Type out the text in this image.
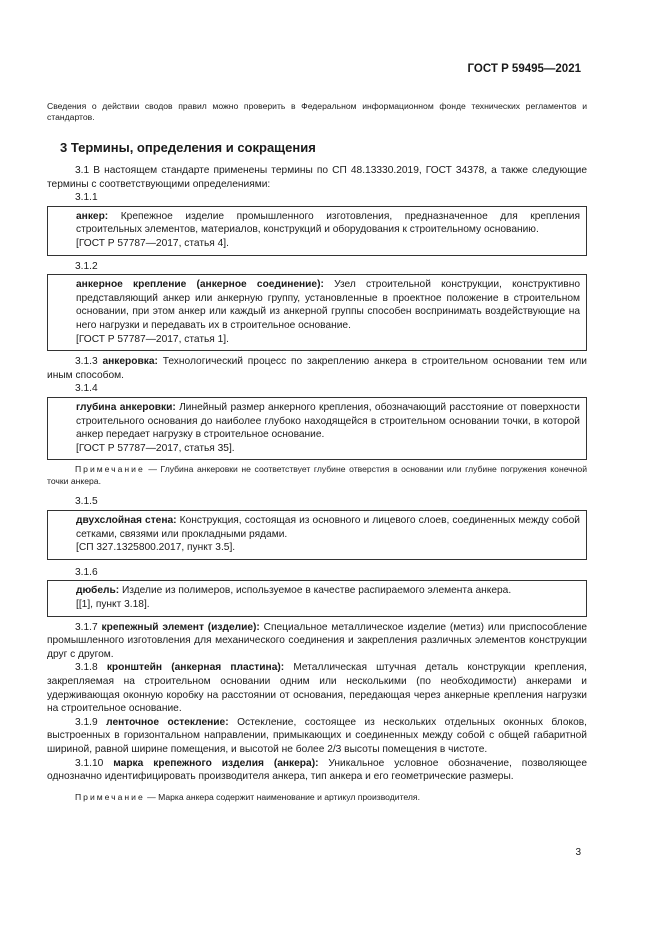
ГОСТ Р 59495—2021

Сведения о действии сводов правил можно проверить в Федеральном информационном фонде технических регламентов и стандартов.

3 Термины, определения и сокращения

3.1 В настоящем стандарте применены термины по СП 48.13330.2019, ГОСТ 34378, а также следующие термины с соответствующими определениями:

3.1.1
анкер: Крепежное изделие промышленного изготовления, предназначенное для крепления строительных элементов, материалов, конструкций и оборудования к строительному основанию.
[ГОСТ Р 57787—2017, статья 4].
3.1.2
анкерное крепление (анкерное соединение): Узел строительной конструкции, конструктивно представляющий анкер или анкерную группу, установленные в проектное положение в строительном основании, при этом анкер или каждый из анкерной группы способен воспринимать воздействующие на него нагрузки и передавать их в строительное основание.
[ГОСТ Р 57787—2017, статья 1].

3.1.3 анкеровка: Технологический процесс по закреплению анкера в строительном основании тем или иным способом.

3.1.4
глубина анкеровки: Линейный размер анкерного крепления, обозначающий расстояние от поверхности строительного основания до наиболее глубоко находящейся в строительном основании точки, в которой анкер передает нагрузку в строительное основание.
[ГОСТ Р 57787—2017, статья 35].

Примечание — Глубина анкеровки не соответствует глубине отверстия в основании или глубине погружения конечной точки анкера.

3.1.5
двухслойная стена: Конструкция, состоящая из основного и лицевого слоев, соединенных между собой сетками, связями или прокладными рядами.
[СП 327.1325800.2017, пункт 3.5].
3.1.6
дюбель: Изделие из полимеров, используемое в качестве распираемого элемента анкера.
[[1], пункт 3.18].

3.1.7 крепежный элемент (изделие): Специальное металлическое изделие (метиз) или приспособление промышленного изготовления для механического соединения и закрепления различных элементов конструкции друг с другом.

3.1.8 кронштейн (анкерная пластина): Металлическая штучная деталь конструкции крепления, закрепляемая на строительном основании одним или несколькими (по необходимости) анкерами и удерживающая оконную коробку на расстоянии от основания, передающая через анкерные крепления нагрузки на строительное основание.

3.1.9 ленточное остекление: Остекление, состоящее из нескольких отдельных оконных блоков, выстроенных в горизонтальном направлении, примыкающих и соединенных между собой с общей габаритной шириной, равной ширине помещения, и высотой не более 2/3 высоты помещения в чистоте.

3.1.10 марка крепежного изделия (анкера): Уникальное условное обозначение, позволяющее однозначно идентифицировать производителя анкера, тип анкера и его геометрические размеры.

Примечание — Марка анкера содержит наименование и артикул производителя.

3
